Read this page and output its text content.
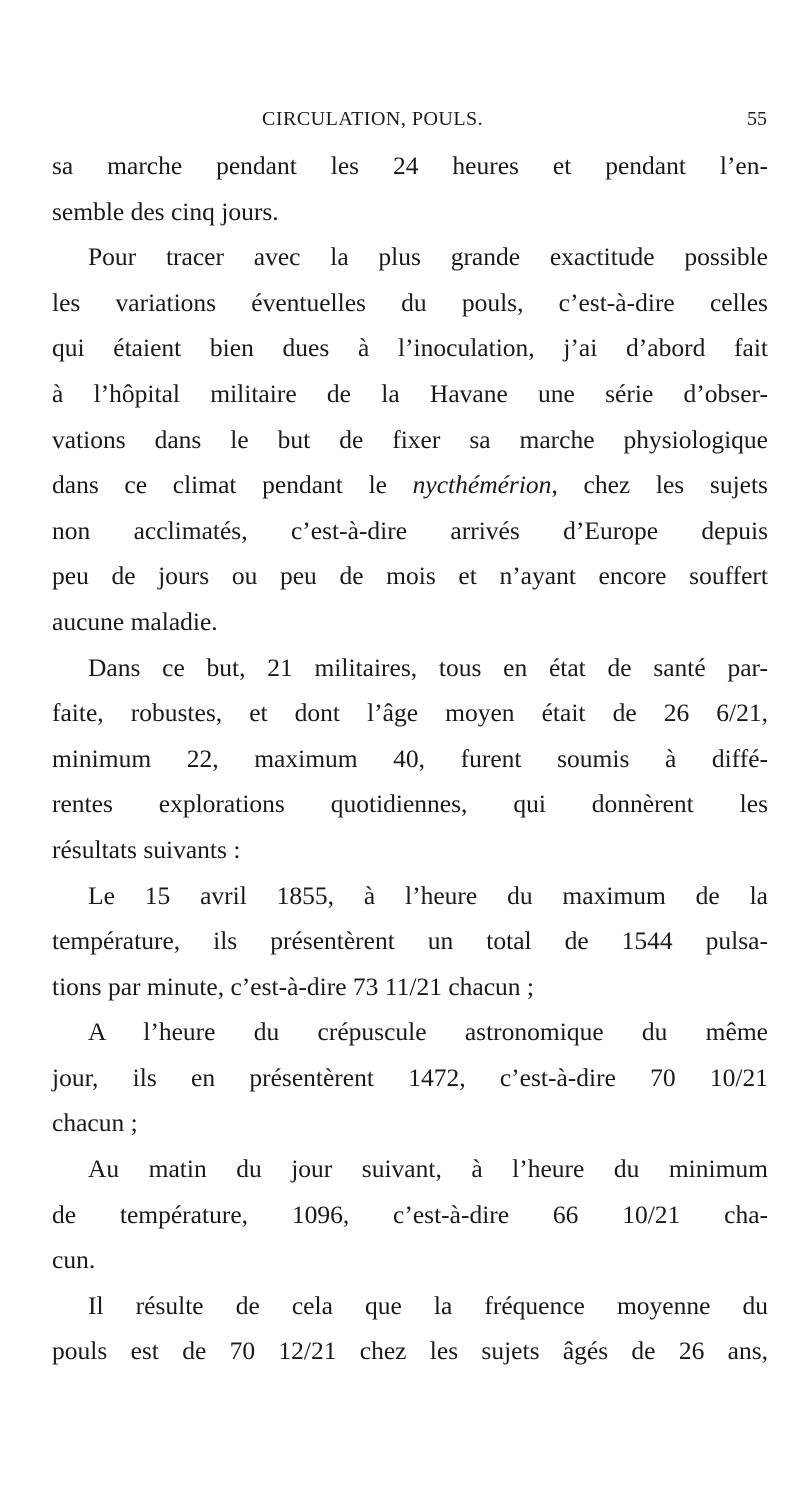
CIRCULATION, POULS.	55
sa marche pendant les 24 heures et pendant l’en-
semble des cinq jours.
Pour tracer avec la plus grande exactitude possible
les variations éventuelles du pouls, c’est-à-dire celles
qui étaient bien dues à l’inoculation, j’ai d’abord fait
à l’hôpital militaire de la Havane une série d’obser-
vations dans le but de fixer sa marche physiologique
dans ce climat pendant le nycthémérion, chez les sujets
non acclimatés, c’est-à-dire arrivés d’Europe depuis
peu de jours ou peu de mois et n’ayant encore souffert
aucune maladie.
Dans ce but, 21 militaires, tous en état de santé par-
faite, robustes, et dont l’âge moyen était de 26 6/21,
minimum 22, maximum 40, furent soumis à diffé-
rentes explorations quotidiennes, qui donnèrent les
résultats suivants :
Le 15 avril 1855, à l’heure du maximum de la
température, ils présentèrent un total de 1544 pulsa-
tions par minute, c’est-à-dire 73 11/21 chacun ;
A l’heure du crépuscule astronomique du même
jour, ils en présentèrent 1472, c’est-à-dire 70 10/21
chacun ;
Au matin du jour suivant, à l’heure du minimum
de température, 1096, c’est-à-dire 66 10/21 cha-
cun.
Il résulte de cela que la fréquence moyenne du
pouls est de 70 12/21 chez les sujets âgés de 26 ans,
